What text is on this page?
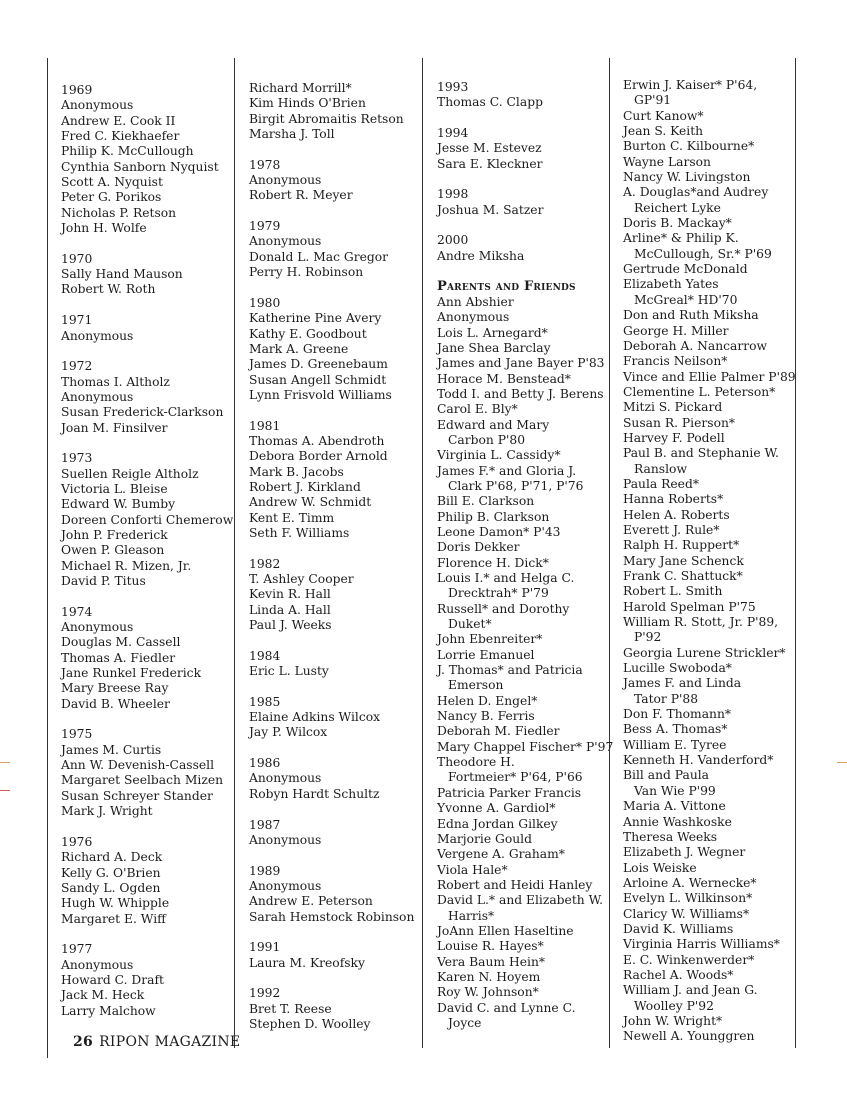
1969
Anonymous
Andrew E. Cook II
Fred C. Kiekhaefer
Philip K. McCullough
Cynthia Sanborn Nyquist
Scott A. Nyquist
Peter G. Porikos
Nicholas P. Retson
John H. Wolfe
1970
Sally Hand Mauson
Robert W. Roth
1971
Anonymous
1972
Thomas I. Altholz
Anonymous
Susan Frederick-Clarkson
Joan M. Finsilver
1973
Suellen Reigle Altholz
Victoria L. Bleise
Edward W. Bumby
Doreen Conforti Chemerow
John P. Frederick
Owen P. Gleason
Michael R. Mizen, Jr.
David P. Titus
1974
Anonymous
Douglas M. Cassell
Thomas A. Fiedler
Jane Runkel Frederick
Mary Breese Ray
David B. Wheeler
1975
James M. Curtis
Ann W. Devenish-Cassell
Margaret Seelbach Mizen
Susan Schreyer Stander
Mark J. Wright
1976
Richard A. Deck
Kelly G. O'Brien
Sandy L. Ogden
Hugh W. Whipple
Margaret E. Wiff
1977
Anonymous
Howard C. Draft
Jack M. Heck
Larry Malchow
Richard Morrill*
Kim Hinds O'Brien
Birgit Abromaitis Retson
Marsha J. Toll
1978
Anonymous
Robert R. Meyer
1979
Anonymous
Donald L. Mac Gregor
Perry H. Robinson
1980
Katherine Pine Avery
Kathy E. Goodbout
Mark A. Greene
James D. Greenebaum
Susan Angell Schmidt
Lynn Frisvold Williams
1981
Thomas A. Abendroth
Debora Border Arnold
Mark B. Jacobs
Robert J. Kirkland
Andrew W. Schmidt
Kent E. Timm
Seth F. Williams
1982
T. Ashley Cooper
Kevin R. Hall
Linda A. Hall
Paul J. Weeks
1984
Eric L. Lusty
1985
Elaine Adkins Wilcox
Jay P. Wilcox
1986
Anonymous
Robyn Hardt Schultz
1987
Anonymous
1989
Anonymous
Andrew E. Peterson
Sarah Hemstock Robinson
1991
Laura M. Kreofsky
1992
Bret T. Reese
Stephen D. Woolley
1993
Thomas C. Clapp
1994
Jesse M. Estevez
Sara E. Kleckner
1998
Joshua M. Satzer
2000
Andre Miksha
Parents and Friends
Ann Abshier
Anonymous
Lois L. Arnegard*
Jane Shea Barclay
James and Jane Bayer P'83
Horace M. Benstead*
Todd I. and Betty J. Berens
Carol E. Bly*
Edward and Mary
Carbon P'80
Virginia L. Cassidy*
James F.* and Gloria J.
Clark P'68, P'71, P'76
Bill E. Clarkson
Philip B. Clarkson
Leone Damon* P'43
Doris Dekker
Florence H. Dick*
Louis I.* and Helga C.
Drecktrah* P'79
Russell* and Dorothy
Duket*
John Ebenreiter*
Lorrie Emanuel
J. Thomas* and Patricia
Emerson
Helen D. Engel*
Nancy B. Ferris
Deborah M. Fiedler
Mary Chappel Fischer* P'97
Theodore H.
Fortmeier* P'64, P'66
Patricia Parker Francis
Yvonne A. Gardiol*
Edna Jordan Gilkey
Marjorie Gould
Vergene A. Graham*
Viola Hale*
Robert and Heidi Hanley
David L.* and Elizabeth W.
Harris*
JoAnn Ellen Haseltine
Louise R. Hayes*
Vera Baum Hein*
Karen N. Hoyem
Roy W. Johnson*
David C. and Lynne C.
Joyce
Erwin J. Kaiser* P'64,
GP'91
Curt Kanow*
Jean S. Keith
Burton C. Kilbourne*
Wayne Larson
Nancy W. Livingston
A. Douglas*and Audrey
Reichert Lyke
Doris B. Mackay*
Arline* & Philip K.
McCullough, Sr.* P'69
Gertrude McDonald
Elizabeth Yates
McGreal* HD'70
Don and Ruth Miksha
George H. Miller
Deborah A. Nancarrow
Francis Neilson*
Vince and Ellie Palmer P'89
Clementine L. Peterson*
Mitzi S. Pickard
Susan R. Pierson*
Harvey F. Podell
Paul B. and Stephanie W.
Ranslow
Paula Reed*
Hanna Roberts*
Helen A. Roberts
Everett J. Rule*
Ralph H. Ruppert*
Mary Jane Schenck
Frank C. Shattuck*
Robert L. Smith
Harold Spelman P'75
William R. Stott, Jr. P'89,
P'92
Georgia Lurene Strickler*
Lucille Swoboda*
James F. and Linda
Tator P'88
Don F. Thomann*
Bess A. Thomas*
William E. Tyree
Kenneth H. Vanderford*
Bill and Paula
Van Wie P'99
Maria A. Vittone
Annie Washkoske
Theresa Weeks
Elizabeth J. Wegner
Lois Weiske
Arloine A. Wernecke*
Evelyn L. Wilkinson*
Claricy W. Williams*
David K. Williams
Virginia Harris Williams*
E. C. Winkenwerder*
Rachel A. Woods*
William J. and Jean G.
Woolley P'92
John W. Wright*
Newell A. Younggren
26 RIPON MAGAZINE
